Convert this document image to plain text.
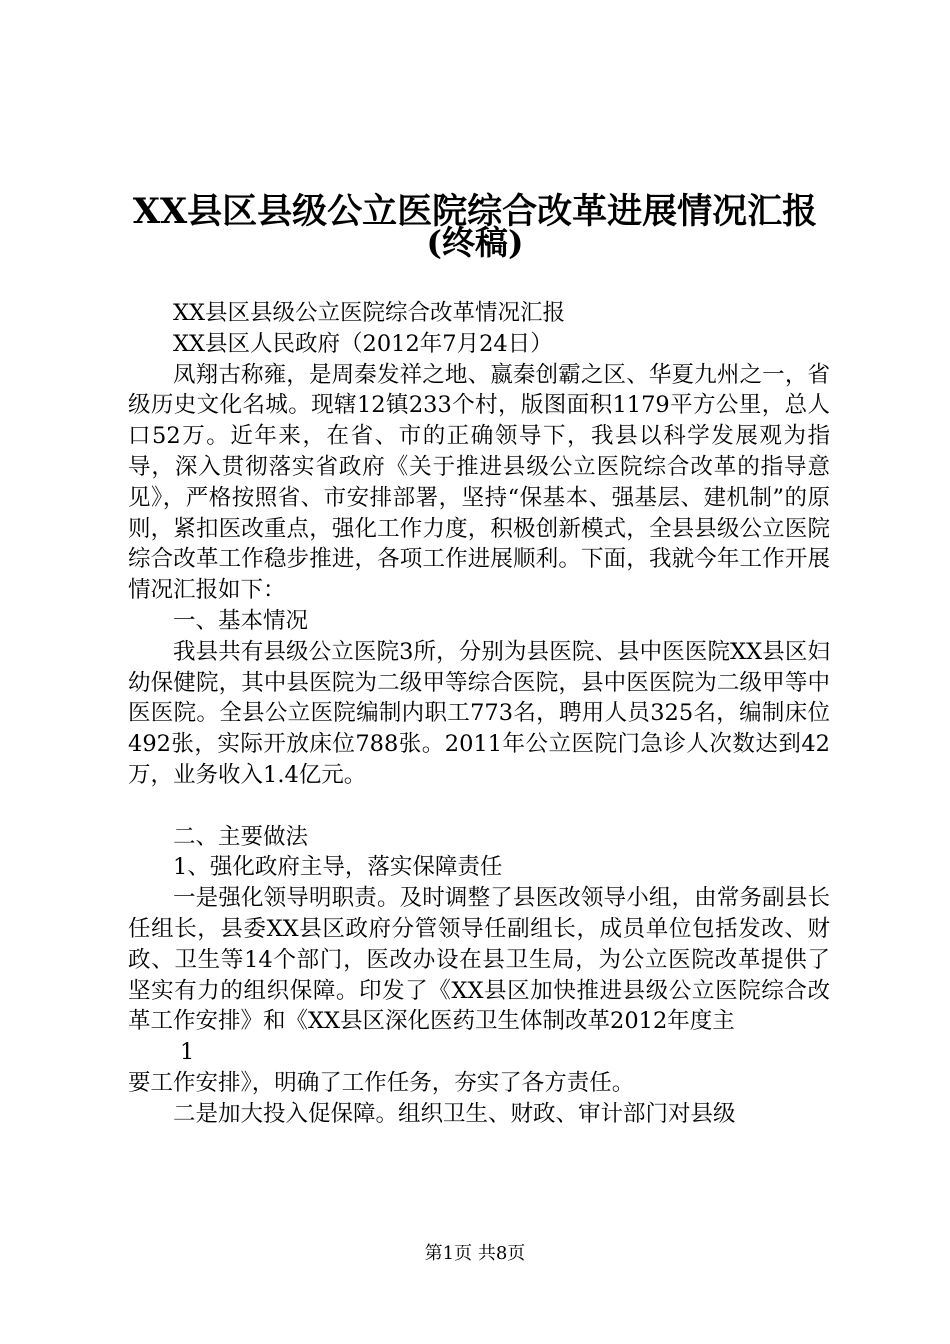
XX县区县级公立医院综合改革进展情况汇报
(终稿)

XX县区县级公立医院综合改革情况汇报

XX县区人民政府（2012年7月24日）

凤翔古称雍，是周秦发祥之地、嬴秦创霸之区、华夏九州之一，省级历史文化名城。现辖12镇233个村，版图面积1179平方公里，总人口52万。近年来，在省、市的正确领导下，我县以科学发展观为指导，深入贯彻落实省政府《关于推进县级公立医院综合改革的指导意见》，严格按照省、市安排部署，坚持“保基本、强基层、建机制”的原则，紧扣医改重点，强化工作力度，积极创新模式，全县县级公立医院综合改革工作稳步推进，各项工作进展顺利。下面，我就今年工作开展情况汇报如下：

一、基本情况

我县共有县级公立医院3所，分别为县医院、县中医医院XX县区妇幼保健院，其中县医院为二级甲等综合医院，县中医医院为二级甲等中医医院。全县公立医院编制内职工773名，聘用人员325名，编制床位492张，实际开放床位788张。2011年公立医院门急诊人次数达到42万，业务收入1.4亿元。

二、主要做法

1、强化政府主导，落实保障责任

一是强化领导明职责。及时调整了县医改领导小组，由常务副县长任组长，县委XX县区政府分管领导任副组长，成员单位包括发改、财政、卫生等14个部门，医改办设在县卫生局，为公立医院改革提供了坚实有力的组织保障。印发了《XX县区加快推进县级公立医院综合改革工作安排》和《XX县区深化医药卫生体制改革2012年度主

1

要工作安排》，明确了工作任务，夯实了各方责任。

二是加大投入促保障。组织卫生、财政、审计部门对县级

第1页 共8页
